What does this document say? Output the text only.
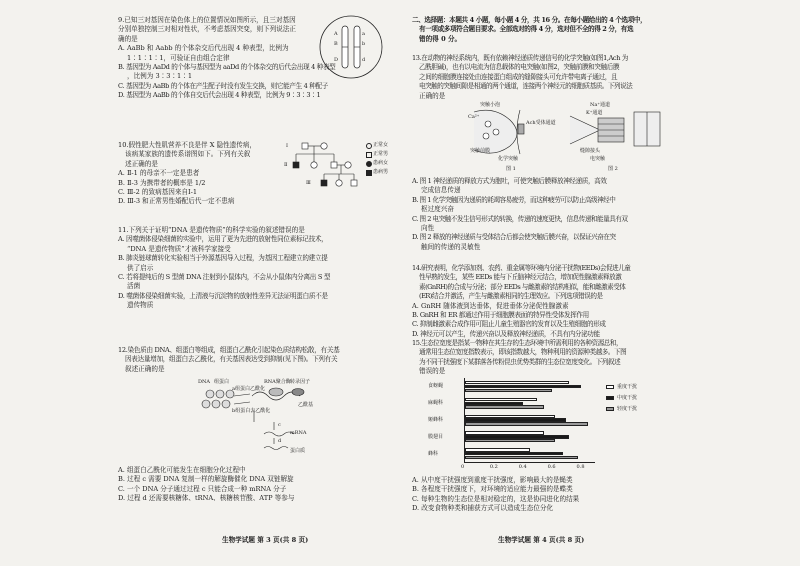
9.已知三对基因在染色体上的位置情况如图所示，且三对基因

分别单独控制三对相对性状，不考虑基因突变，则下列说法正

确的是

A. AaBb 和 Aabb 的个体杂交后代出现 4 种表型，比例为

1∶1∶1∶1，可验证自由组合定律

B. 基因型为 AaDd 的个体与基因型为 aaDd 的个体杂交的后代会出现 4 种表型

，比例为 3∶3∶1∶1

C. 基因型为 AaBb 的个体在产生配子时没有发生交换，则它能产生 4 种配子

D. 基因型为 AaBb 的个体自交后代会出现 4 种表型，比例为 9∶3∶3∶1

A	a
B	b
D	d

10.假性肥大性肌营养不良是伴 X 隐性遗传病，

该病某家族的遗传系谱图如下。下列有关叙

述正确的是

A. Ⅱ-1 的母亲不一定是患者

B. Ⅱ-3 为携带者的概率是 1/2

C. Ⅲ-2 的致病基因来自Ⅰ-1

D. Ⅲ-3 和正常男性婚配后代一定不患病

Ⅰ
Ⅱ
Ⅲ
正常女
正常男
患病女
患病男

11.下列关于证明“DNA 是遗传物质”的科学实验的叙述错误的是

A. 因噬菌体侵染细菌的实验中，运用了更为先进的放射性同位素标记技术，

“DNA 是遗传物质”才被科学家接受

B. 肺炎链球菌转化实验相当于外源基因导入过程，为基因工程建立的建立提

供了启示

C. 若将提纯后的 S 型菌 DNA 注射到小鼠体内，不会从小鼠体内分离出 S 型

活菌

D. 噬菌体侵染细菌实验，上清液与沉淀物的放射性差异无法证明蛋白质不是

遗传物质

12.染色质由 DNA、组蛋白等组成，组蛋白乙酰化引起染色质结构松散，有关基

因表达量增加，组蛋白去乙酰化，有关基因表达受到抑制(见下图)。下列有关

叙述正确的是

DNA 组蛋白
a组蛋白乙酰化
b组蛋白去乙酰化
RNA聚合酶 转录因子
c
mRNA
乙酰基
d
蛋白质

A. 组蛋白乙酰化可能发生在细胞分化过程中

B. 过程 c 需要 DNA 复制一样的解旋酶催化 DNA 双链解旋

C. 一个 DNA 分子通过过程 c 只能合成一种 mRNA 分子

D. 过程 d 还需要核糖体、tRNA、核糖核苷酸、ATP 等参与

生物学试题 第 3 页(共 8 页)

二、选择题：本题共 4 小题，每小题 4 分，共 16 分。在每小题给出的 4 个选项中，

有一项或多项符合题目要求。全部选对的得 4 分，选对但不全的得 2 分，有选

错的得 0 分。

13.在动物的神经系统内，既有依赖神经递质传递信号的化学突触(如图1,Ach 为

乙酰胆碱)，也有以电流为信息载体的电突触(如图2，突触前膜和突触后膜

之间的细胞膜连接处由连接蛋白组成的缝隙接头可允许带电离子通过，且

电突触的突触间隙是相通的两个通道，连接两个神经元的细胞质基质。下列说法

正确的是

突触小泡
Ca²⁺
Ach受体通道
突触前膜
化学突触
Na⁺通道
K⁺通道
缝隙接头
电突触
图 1	图 2

A. 图 1 神经递质的释放方式为胞吐，可使突触后膜释放神经递质，高效

完成信息传递

B. 图 1 化学突触因为递质的耗竭容易疲劳，而这种疲劳可以防止高级神经中

枢过度兴奋

C. 图 2 电突触不发生信号形式的转换，传递的速度更快，信息传递和能量具有双

向性

D. 图 2 释放的神经递质与受体结合后都会使突触后膜兴奋，以保证兴奋在突

触间的传递的灵敏性

14.研究表明，化学添加剂、农药、重金属等环境内分泌干扰物(EEDs)会促进儿童

性早熟的发生，某些 EEDs 能与下丘脑神经元结合，增加促性腺激素释放激

素(GnRH)的合成与分泌；部分 EEDs 与雌激素的结构相似，能和雌激素受体

(ER)结合并激活，产生与雌激素相同的生理效应。下列选项错误的是

A. GnRH 随体液到达垂体，促进垂体分泌促性腺激素

B. GnRH 和 ER 都通过作用于细胞膜表面的特异性受体发挥作用

C. 抑制雌激素合成作用可阻止儿童生殖器官的发育以及生殖细胞的形成

D. 神经元可以产生，传递兴奋以及释放神经递质，不具有内分泌功能

15.生态位宽度是指某一物种在其生存的生态环境中所需利用的各种资源总和，

通常用生态位宽度指数表示，即该指数越大，物种利用的资源种类越多。下图

为不同干扰强度下某群落各传粉昆虫优势类群的生态位宽度变化。下列叙述

错误的是

食蚜蝇
麻蝇科
姬蜂科
膜翅目
蜂科
0	0.2	0.4	0.6	0.8
重度干扰
中度干扰
轻度干扰

A. 从中度干扰强度到重度干扰强度，影响最大的是蝇类

B. 各程度干扰强度下，对环境的适应能力最强的是蝶类

C. 每种生物的生态位是相对稳定的，这是协同进化的结果

D. 改变食物种类和捕获方式可以造成生态位分化

生物学试题 第 4 页(共 8 页)
